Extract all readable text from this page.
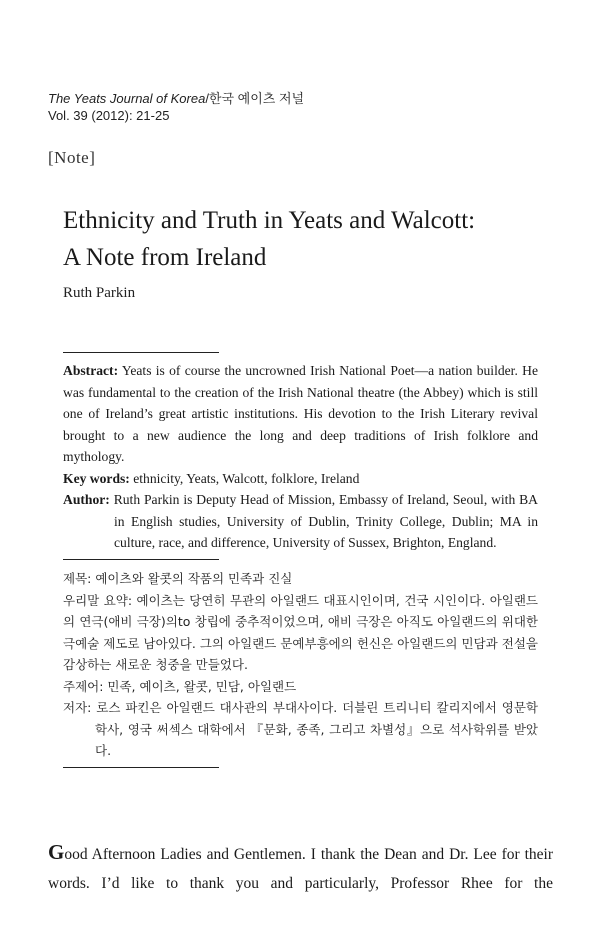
The Yeats Journal of Korea/한국 예이츠 저널
Vol. 39 (2012): 21-25
[Note]
Ethnicity and Truth in Yeats and Walcott:
A Note from Ireland
Ruth Parkin
Abstract: Yeats is of course the uncrowned Irish National Poet—a nation builder. He was fundamental to the creation of the Irish National theatre (the Abbey) which is still one of Ireland’s great artistic institutions. His devotion to the Irish Literary revival brought to a new audience the long and deep traditions of Irish folklore and mythology.
Key words: ethnicity, Yeats, Walcott, folklore, Ireland
Author: Ruth Parkin is Deputy Head of Mission, Embassy of Ireland, Seoul, with BA in English studies, University of Dublin, Trinity College, Dublin; MA in culture, race, and difference, University of Sussex, Brighton, England.
제목: 예이츠와 왈콧의 작품의 민족과 진실
우리말 요약: 예이츠는 당연히 무관의 아일랜드 대표시인이며, 건국 시인이다. 아일랜드의 연극(애비 극장)의to 창립에 중추적이었으며, 애비 극장은 아직도 아일랜드의 위대한 극예술 제도로 남아있다. 그의 아일랜드 문예부흥에의 헌신은 아일랜드의 민담과 전설을 감상하는 새로운 청중을 만들었다.
주제어: 민족, 예이츠, 왈콧, 민담, 아일랜드
저자: 로스 파킨은 아일랜드 대사관의 부대사이다. 더블린 트리니티 칼리지에서 영문학 학사, 영국 써섹스 대학에서 『문화, 종족, 그리고 차별성』으로 석사학위를 받았다.
Good Afternoon Ladies and Gentlemen. I thank the Dean and Dr. Lee for their words. I’d like to thank you and particularly, Professor Rhee for the
